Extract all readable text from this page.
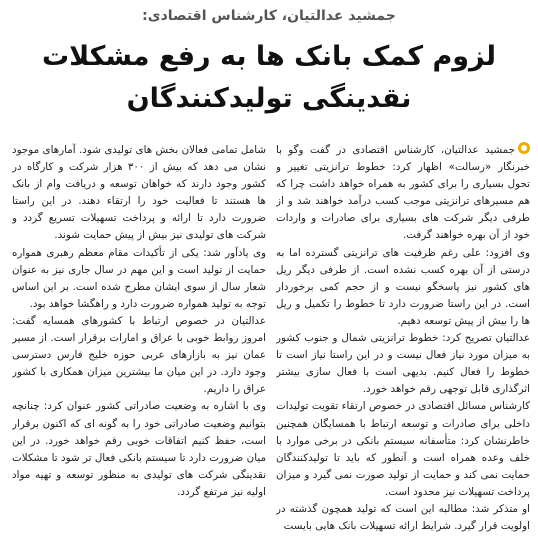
جمشید عدالتیان، کارشناس اقتصادی:
لزوم کمک بانک ها به رفع مشکلات نقدینگی تولیدکنندگان

جمشید عدالتیان، کارشناس اقتصادی در گفت وگو با خبرنگار «رسالت» اظهار کرد: خطوط ترانزیتی تغییر و تحول بسیاری را برای کشور به همراه خواهد داشت چرا که هم مسیرهای ترانزیتی موجب کسب درآمد خواهند شد و از طرفی دیگر شرکت های بسیاری برای صادرات و واردات خود از آن بهره خواهند گرفت.

وی افزود: علی رغم ظرفیت های ترانزیتی گسترده اما به درستی از آن بهره کسب نشده است. از طرفی دیگر ریل های کشور نیز پاسخگو نیست و از حجم کمی برخوردار است. در این راستا ضرورت دارد تا خطوط را تکمیل و ریل ها را بیش از پیش توسعه دهیم.

عدالتیان تصریح کرد: خطوط ترانزیتی شمال و جنوب کشور به میزان مورد نیاز فعال نیست و در این راستا نیاز است تا خطوط را فعال کنیم. بدیهی است با فعال سازی بیشتر اثرگذاری قابل توجهی رقم خواهد خورد.

کارشناس مسائل اقتصادی در خصوص ارتقاء تقویت تولیدات داخلی برای صادرات و توسعه ارتباط با همسایگان همچنین خاطرنشان کرد: متأسفانه سیستم بانکی در برخی موارد با خلف وعده همراه است و آنطور که باید تا تولیدکنندگان حمایت نمی کند و حمایت از تولید صورت نمی گیرد و میزان پرداخت تسهیلات نیز محدود است.

او متذکر شد: مطالبه این است که تولید همچون گذشته در اولویت قرار گیرد. شرایط ارائه تسهیلات بانک هایی بایست

شامل تمامی فعالان بخش های تولیدی شود. آمارهای موجود نشان می دهد که بیش از ۳۰۰ هزار شرکت و کارگاه در کشور وجود دارند که خواهان توسعه و دریافت وام از بانک ها هستند تا فعالیت خود را ارتقاء دهند. در این راستا ضرورت دارد تا ارائه و پرداخت تسهیلات تسریع گردد و شرکت های تولیدی نیز بیش از پیش حمایت شوند.

وی یادآور شد: یکی از تأکیدات مقام معظم رهبری همواره حمایت از تولید است و این مهم در سال جاری نیز به عنوان شعار سال از سوی ایشان مطرح شده است. بر این اساس توجه به تولید همواره ضرورت دارد و راهگشا خواهد بود.

عدالتیان در خصوص ارتباط با کشورهای همسایه گفت: امروز روابط خوبی با عراق و امارات برقرار است. از مسیر عمان نیز به بازارهای عربی حوزه خلیج فارس دسترسی وجود دارد. در این میان ما بیشترین میزان همکاری با کشور عراق را داریم.

وی با اشاره به وضعیت صادراتی کشور عنوان کرد: چنانچه بتوانیم وضعیت صادراتی خود را به گونه ای که اکنون برقرار است، حفظ کنیم اتفاقات خوبی رقم خواهد خورد. در این میان ضرورت دارد تا سیستم بانکی فعال تر شود تا مشکلات نقدینگی شرکت های تولیدی به منظور توسعه و تهیه مواد اولیه نیز مرتفع گردد.
